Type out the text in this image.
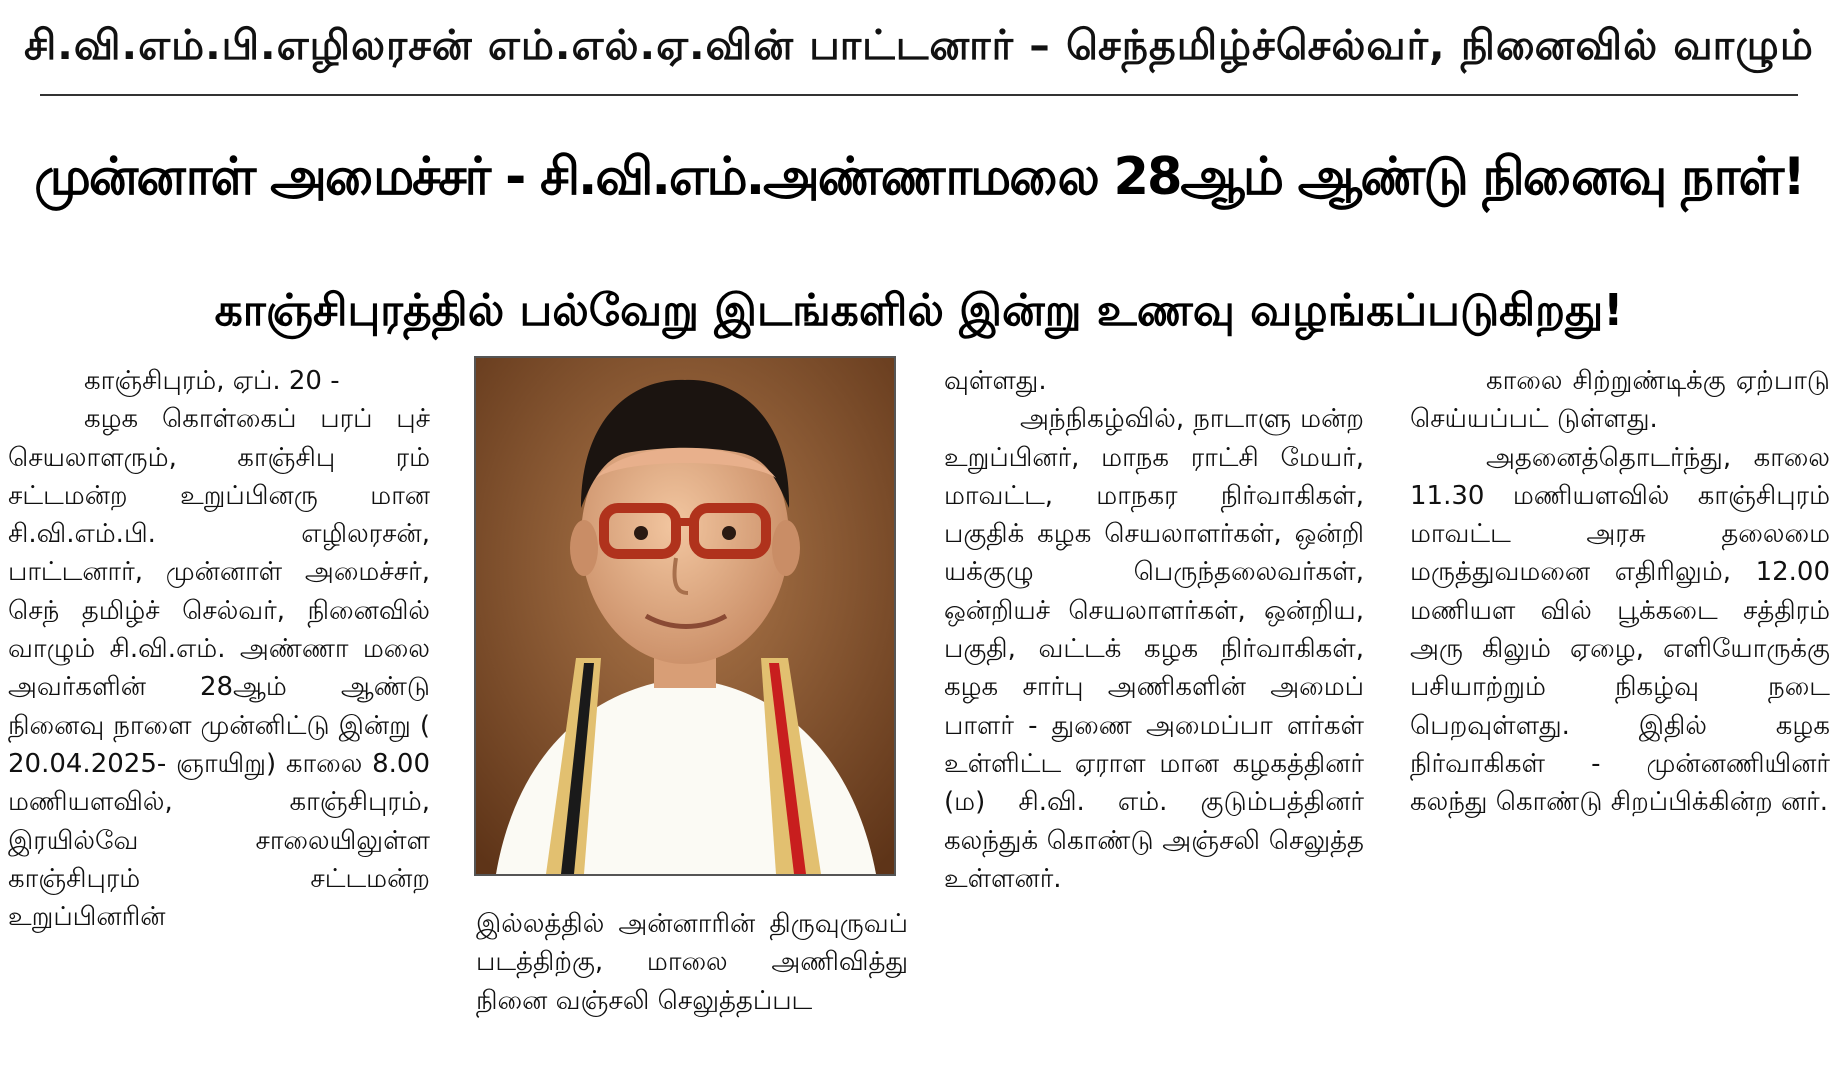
சி.வி.எம்.பி.எழிலரசன் எம்.எல்.ஏ.வின் பாட்டனார் – செந்தமிழ்ச்செல்வர், நினைவில் வாழும்
முன்னாள் அமைச்சர் - சி.வி.எம்.அண்ணாமலை 28ஆம் ஆண்டு நினைவு நாள்!
காஞ்சிபுரத்தில் பல்வேறு இடங்களில் இன்று உணவு வழங்கப்படுகிறது!

காஞ்சிபுரம், ஏப். 20 -

கழக கொள்கைப் பரப் புச் செயலாளரும், காஞ்சிபு ரம் சட்டமன்ற உறுப்பினரு மான சி.வி.எம்.பி. எழிலரசன், பாட்டனார், முன்னாள் அமைச்சர், செந் தமிழ்ச் செல்வர், நினைவில் வாழும் சி.வி.எம். அண்ணா மலை அவர்களின் 28ஆம் ஆண்டு நினைவு நாளை முன்னிட்டு இன்று ( 20.04.2025- ஞாயிறு) காலை 8.00 மணியளவில், காஞ்சிபுரம், இரயில்வே சாலையிலுள்ள காஞ்சிபுரம் சட்டமன்ற உறுப்பினரின்	இல்லத்தில் அன்னாரின் திருவுருவப் படத்திற்கு, மாலை அணிவித்து நினை வஞ்சலி செலுத்தப்பட

வுள்ளது.

அந்நிகழ்வில், நாடாளு மன்ற உறுப்பினர், மாநக ராட்சி மேயர், மாவட்ட, மாநகர நிர்வாகிகள், பகுதிக் கழக செயலாளர்கள், ஒன்றி யக்குழு பெருந்தலைவர்கள், ஒன்றியச் செயலாளர்கள், ஒன்றிய, பகுதி, வட்டக் கழக நிர்வாகிகள், கழக சார்பு அணிகளின் அமைப் பாளர் - துணை அமைப்பா ளர்கள் உள்ளிட்ட ஏராள மான கழகத்தினர் (ம) சி.வி. எம். குடும்பத்தினர் கலந்துக் கொண்டு அஞ்சலி செலுத்த உள்ளனர்.

காலை சிற்றுண்டிக்கு ஏற்பாடு செய்யப்பட் டுள்ளது.

அதனைத்தொடர்ந்து, காலை 11.30 மணியளவில் காஞ்சிபுரம் மாவட்ட அரசு தலைமை மருத்துவமனை எதிரிலும், 12.00 மணியள வில் பூக்கடை சத்திரம் அரு கிலும் ஏழை, எளியோருக்கு பசியாற்றும் நிகழ்வு நடை பெறவுள்ளது. இதில் கழக நிர்வாகிகள் - முன்னணியினர் கலந்து கொண்டு சிறப்பிக்கின்ற னர்.
